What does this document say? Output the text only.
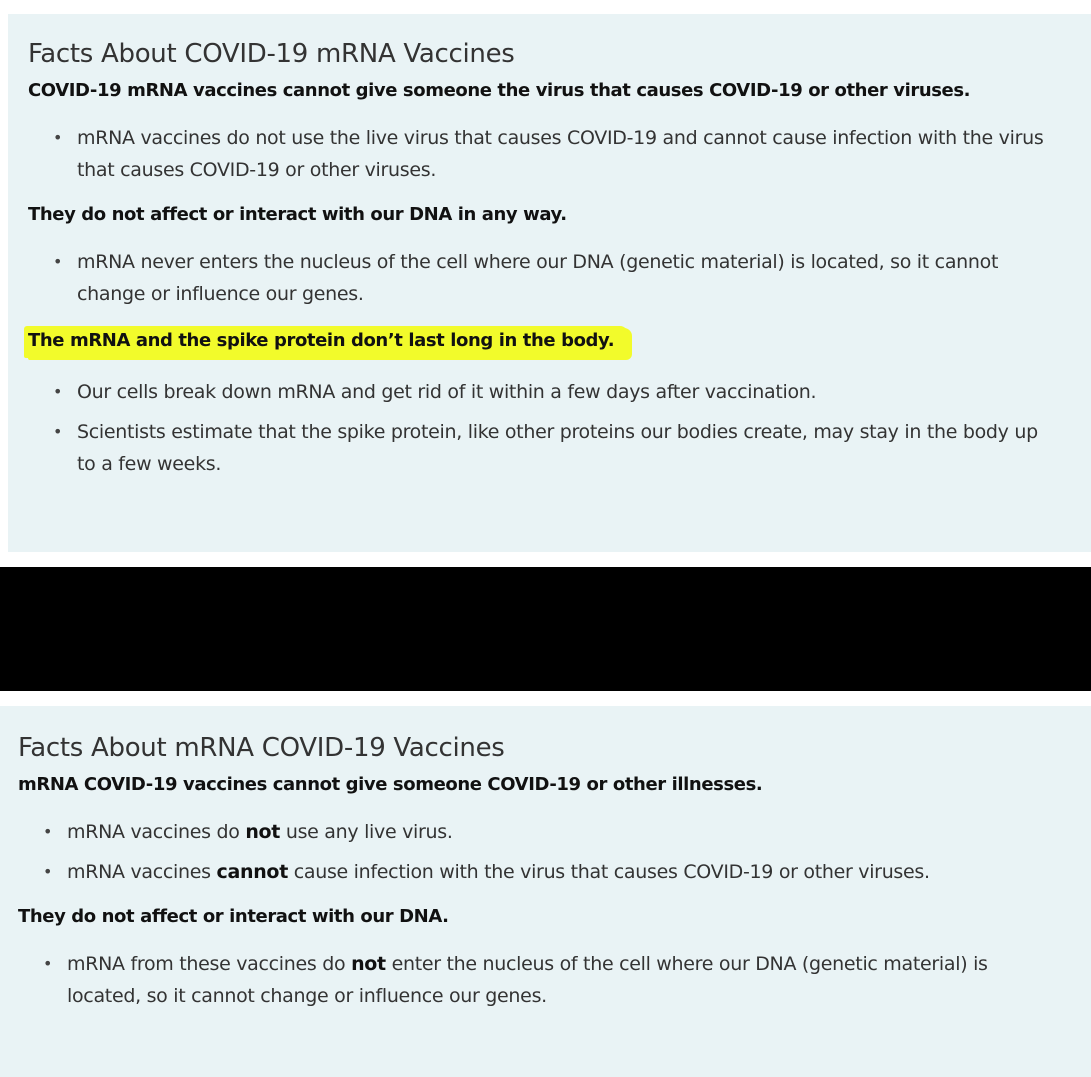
Facts About COVID-19 mRNA Vaccines

COVID-19 mRNA vaccines cannot give someone the virus that causes COVID-19 or other viruses.

• mRNA vaccines do not use the live virus that causes COVID-19 and cannot cause infection with the virus that causes COVID-19 or other viruses.

They do not affect or interact with our DNA in any way.

• mRNA never enters the nucleus of the cell where our DNA (genetic material) is located, so it cannot change or influence our genes.

The mRNA and the spike protein don’t last long in the body.

• Our cells break down mRNA and get rid of it within a few days after vaccination.
• Scientists estimate that the spike protein, like other proteins our bodies create, may stay in the body up to a few weeks.
Facts About mRNA COVID-19 Vaccines

mRNA COVID-19 vaccines cannot give someone COVID-19 or other illnesses.

• mRNA vaccines do not use any live virus.
• mRNA vaccines cannot cause infection with the virus that causes COVID-19 or other viruses.

They do not affect or interact with our DNA.

• mRNA from these vaccines do not enter the nucleus of the cell where our DNA (genetic material) is located, so it cannot change or influence our genes.
